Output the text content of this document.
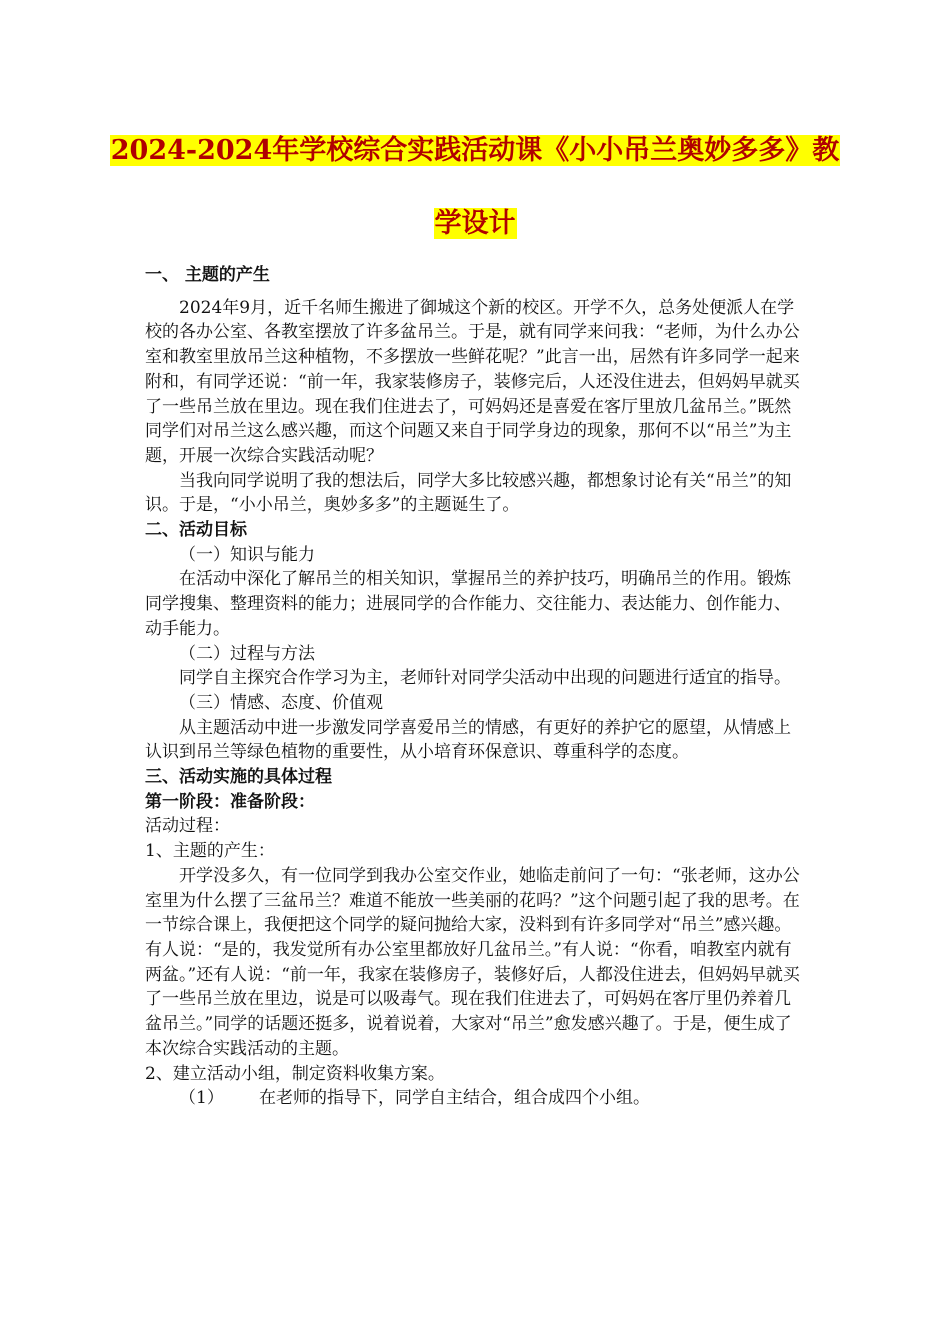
2024-2024年学校综合实践活动课《小小吊兰奥妙多多》教
学设计

一、 主题的产生

2024年9月，近千名师生搬进了御城这个新的校区。开学不久，总务处便派人在学校的各办公室、各教室摆放了许多盆吊兰。于是，就有同学来问我：“老师，为什么办公室和教室里放吊兰这种植物，不多摆放一些鲜花呢？”此言一出，居然有许多同学一起来附和，有同学还说：“前一年，我家装修房子，装修完后，人还没住进去，但妈妈早就买了一些吊兰放在里边。现在我们住进去了，可妈妈还是喜爱在客厅里放几盆吊兰。”既然同学们对吊兰这么感兴趣，而这个问题又来自于同学身边的现象，那何不以“吊兰”为主题，开展一次综合实践活动呢？

当我向同学说明了我的想法后，同学大多比较感兴趣，都想象讨论有关“吊兰”的知识。于是，“小小吊兰，奥妙多多”的主题诞生了。

二、活动目标

（一）知识与能力

在活动中深化了解吊兰的相关知识，掌握吊兰的养护技巧，明确吊兰的作用。锻炼同学搜集、整理资料的能力；进展同学的合作能力、交往能力、表达能力、创作能力、动手能力。

（二）过程与方法

同学自主探究合作学习为主，老师针对同学尖活动中出现的问题进行适宜的指导。

（三）情感、态度、价值观

从主题活动中进一步激发同学喜爱吊兰的情感，有更好的养护它的愿望，从情感上认识到吊兰等绿色植物的重要性，从小培育环保意识、尊重科学的态度。

三、活动实施的具体过程

第一阶段：准备阶段：

活动过程：

1、主题的产生：

开学没多久，有一位同学到我办公室交作业，她临走前问了一句：“张老师，这办公室里为什么摆了三盆吊兰？难道不能放一些美丽的花吗？”这个问题引起了我的思考。在一节综合课上，我便把这个同学的疑问抛给大家，没料到有许多同学对“吊兰”感兴趣。有人说：“是的，我发觉所有办公室里都放好几盆吊兰。”有人说：“你看，咱教室内就有两盆。”还有人说：“前一年，我家在装修房子，装修好后，人都没住进去，但妈妈早就买了一些吊兰放在里边，说是可以吸毒气。现在我们住进去了，可妈妈在客厅里仍养着几盆吊兰。”同学的话题还挺多，说着说着，大家对“吊兰”愈发感兴趣了。于是，便生成了本次综合实践活动的主题。

2、建立活动小组，制定资料收集方案。

（1） 在老师的指导下，同学自主结合，组合成四个小组。
